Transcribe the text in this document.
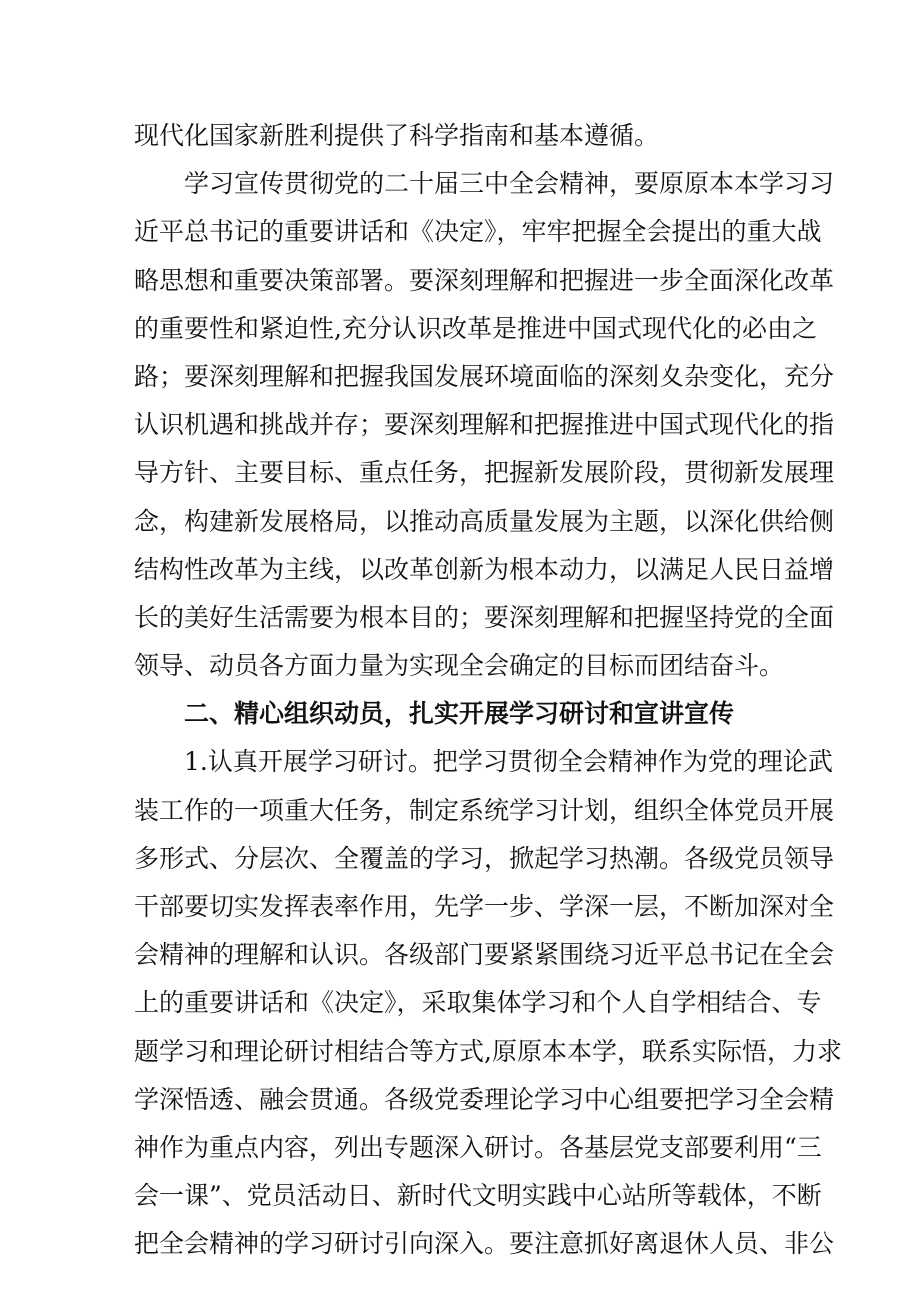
现代化国家新胜利提供了科学指南和基本遵循。
学习宣传贯彻党的二十届三中全会精神，要原原本本学习习
近平总书记的重要讲话和《决定》，牢牢把握全会提出的重大战
略思想和重要决策部署。要深刻理解和把握进一步全面深化改革
的重要性和紧迫性,充分认识改革是推进中国式现代化的必由之
路；要深刻理解和把握我国发展环境面临的深刻夊杂变化，充分
认识机遇和挑战并存；要深刻理解和把握推进中国式现代化的指
导方针、主要目标、重点任务，把握新发展阶段，贯彻新发展理
念，构建新发展格局，以推动高质量发展为主题，以深化供给侧
结构性改革为主线，以改革创新为根本动力，以满足人民日益增
长的美好生活需要为根本目的；要深刻理解和把握坚持党的全面
领导、动员各方面力量为实现全会确定的目标而团结奋斗。
二、精心组织动员，扎实开展学习研讨和宣讲宣传
1.认真开展学习研讨。把学习贯彻全会精神作为党的理论武
装工作的一项重大任务，制定系统学习计划，组织全体党员开展
多形式、分层次、全覆盖的学习，掀起学习热潮。各级党员领导
干部要切实发挥表率作用，先学一步、学深一层，不断加深对全
会精神的理解和认识。各级部门要紧紧围绕习近平总书记在全会
上的重要讲话和《决定》，采取集体学习和个人自学相结合、专
题学习和理论研讨相结合等方式,原原本本学，联系实际悟，力求
学深悟透、融会贯通。各级党委理论学习中心组要把学习全会精
神作为重点内容，列出专题深入研讨。各基层党支部要利用“三
会一课”、党员活动日、新时代文明实践中心站所等载体，不断
把全会精神的学习研讨引向深入。要注意抓好离退休人员、非公
